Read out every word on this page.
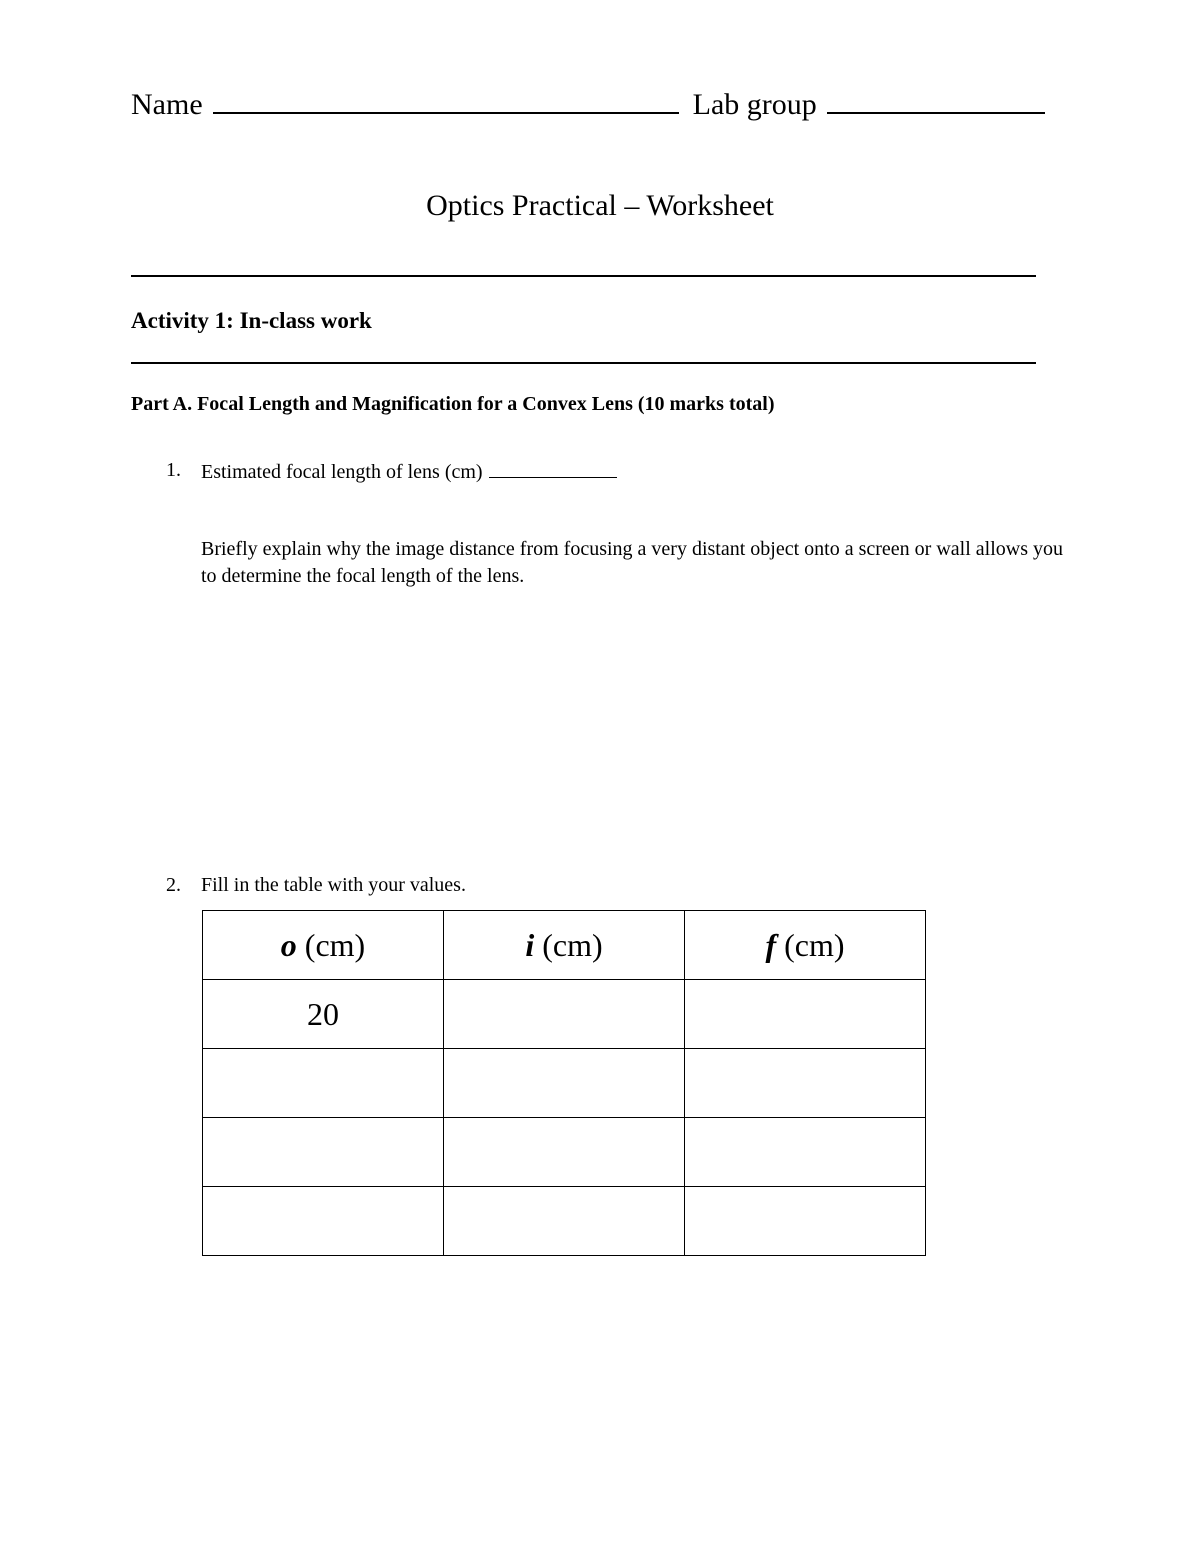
Name	Lab group
Optics Practical – Worksheet
Activity 1: In-class work
Part A. Focal Length and Magnification for a Convex Lens (10 marks total)
1. Estimated focal length of lens (cm)
Briefly explain why the image distance from focusing a very distant object onto a screen or wall allows you to determine the focal length of the lens.
2. Fill in the table with your values.
o (cm)	i (cm)	f (cm)
20		
